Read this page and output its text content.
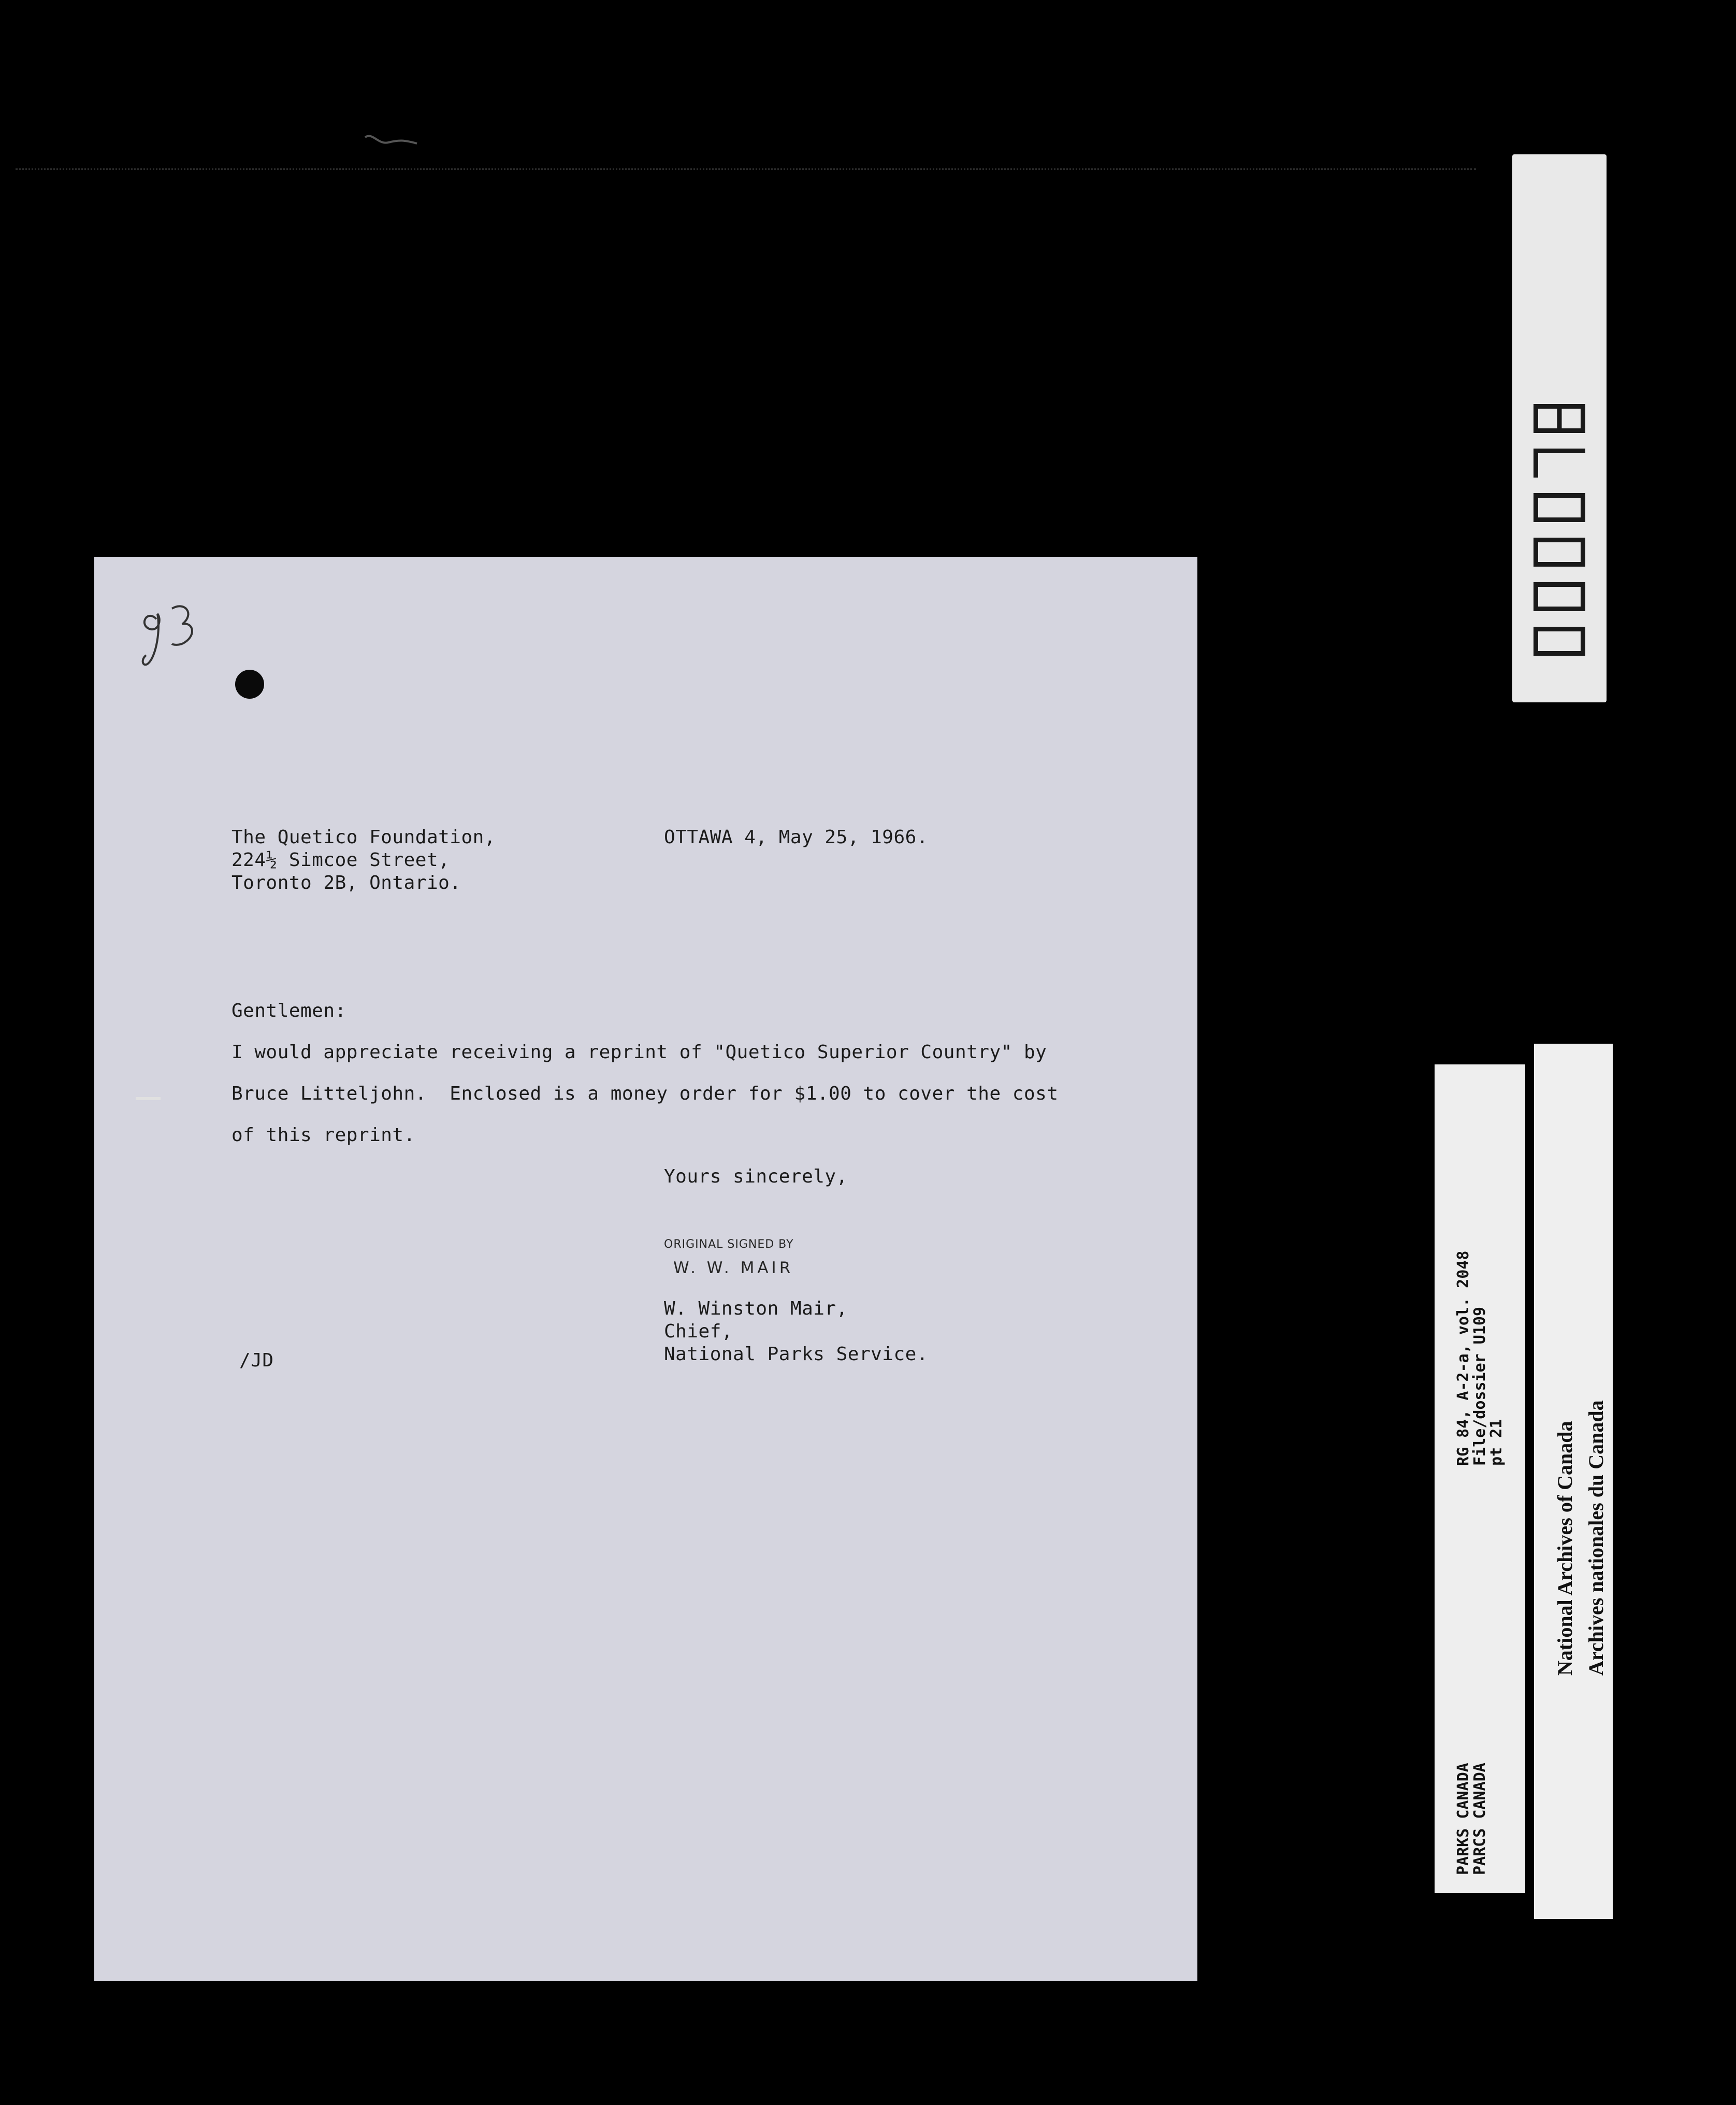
The Quetico Foundation,
224½ Simcoe Street,
Toronto 2B, Ontario.
OTTAWA 4, May 25, 1966.
Gentlemen:
I would appreciate receiving a reprint of "Quetico Superior Country" by
Bruce Litteljohn.  Enclosed is a money order for $1.00 to cover the cost
of this reprint.
Yours sincerely,
ORIGINAL SIGNED BY
W. W. MAIR
W. Winston Mair,
Chief,
National Parks Service.
/JD	RG 84, A-2-a, vol. 2048
File/dossier U109
pt 21
PARKS CANADA
PARCS CANADA
National Archives of Canada Archives nationales du Canada
